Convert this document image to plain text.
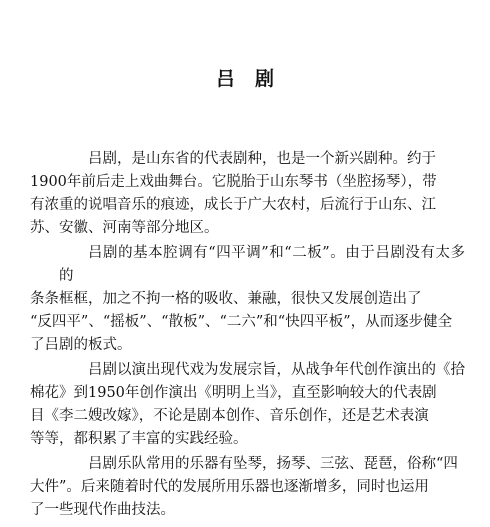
吕剧

吕剧，是山东省的代表剧种，也是一个新兴剧种。约于
1900年前后走上戏曲舞台。它脱胎于山东琴书（坐腔扬琴），带
有浓重的说唱音乐的痕迹，成长于广大农村，后流行于山东、江
苏、安徽、河南等部分地区。

吕剧的基本腔调有“四平调”和“二板”。由于吕剧没有太多的
条条框框，加之不拘一格的吸收、兼融，很快又发展创造出了
“反四平”、“摇板”、“散板”、“二六”和“快四平板”，从而逐步健全
了吕剧的板式。

吕剧以演出现代戏为发展宗旨，从战争年代创作演出的《拾
棉花》到1950年创作演出《明明上当》，直至影响较大的代表剧
目《李二嫂改嫁》，不论是剧本创作、音乐创作，还是艺术表演
等等，都积累了丰富的实践经验。

吕剧乐队常用的乐器有坠琴，扬琴、三弦、琵琶，俗称“四
大件”。后来随着时代的发展所用乐器也逐渐增多，同时也运用
了一些现代作曲技法。
